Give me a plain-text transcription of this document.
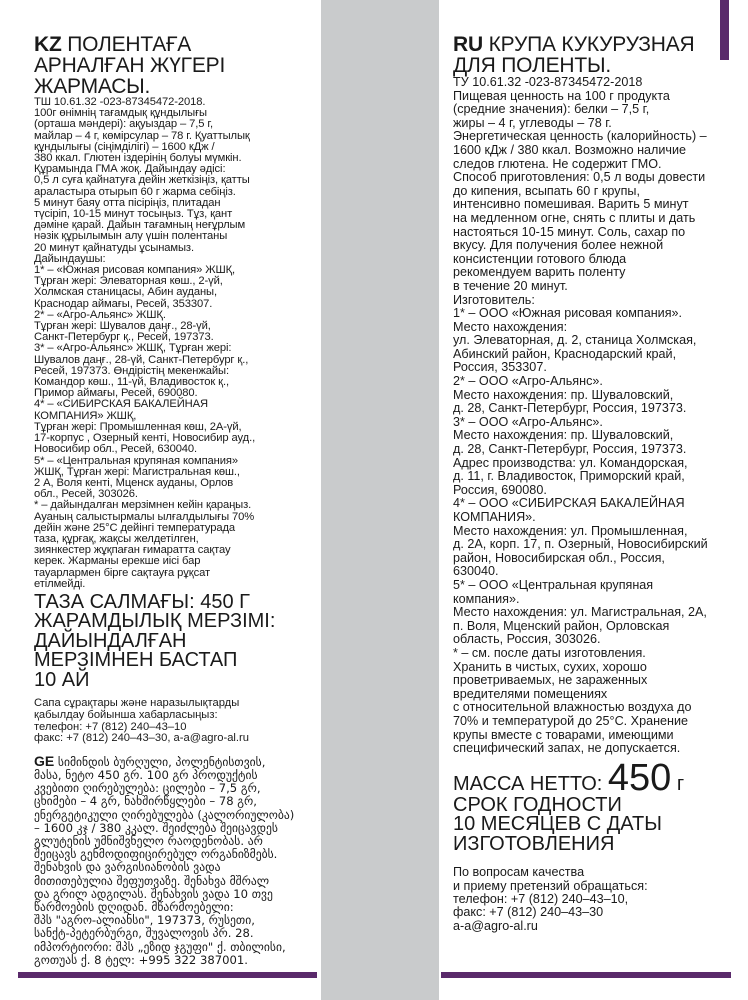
KZ ПОЛЕНТАҒА
АРНАЛҒАН ЖҮГЕРІ
ЖАРМАСЫ.
ТШ 10.61.32 -023-87345472-2018.
100г өнімнің тағамдық құндылығы
(орташа мәндері): ақуыздар – 7,5 г,
майлар – 4 г, көмірсулар – 78 г. Қуаттылық
құндылығы (сіңімділігі) – 1600 кДж /
380 ккал. Глютен іздерінің болуы мүмкін.
Құрамында ГМА жоқ. Дайындау әдісі:
0,5 л суға қайнатуға дейін жеткізіңіз, қатты
араластыра отырып 60 г жарма себіңіз.
5 минут баяу отта пісіріңіз, плитадан
түсіріп, 10-15 минут тосыңыз. Тұз, қант
дәмiне қарай. Дайын тағамның неғұрлым
нәзік құрылымын алу үшін полентаны
20 минут қайнатуды ұсынамыз.
Дайындаушы:
1* – «Южная рисовая компания» ЖШҚ,
Тұрған жері: Элеваторная көш., 2-үй,
Холмская станицасы, Абин ауданы,
Краснодар аймағы, Ресей, 353307.
2* – «Агро-Альянс» ЖШҚ.
Тұрған жері: Шувалов даңғ., 28-үй,
Санкт-Петербург қ., Ресей, 197373.
3* – «Агро-Альянс» ЖШҚ, Тұрған жері:
Шувалов даңғ., 28-үй, Санкт-Петербург қ.,
Ресей, 197373. Өндірістің мекенжайы:
Командор көш., 11-үй, Владивосток қ.,
Примор аймағы, Ресей, 690080.
4* – «СИБИРСКАЯ БАКАЛЕЙНАЯ
КОМПАНИЯ» ЖШҚ,
Тұрған жері: Промышленная көш, 2А-үй,
17-корпус , Озерный кенті, Новосибир ауд.,
Новосибир обл., Ресей, 630040.
5* – «Центральная крупяная компания»
ЖШҚ, Тұрған жері: Магистральная көш.,
2 А, Воля кенті, Мценск ауданы, Орлов
обл., Ресей, 303026.
* – дайындалған мерзімнен кейін қараңыз.
Ауаның салыстырмалы ылғалдылығы 70%
дейін және 25°С дейінгі температурада
таза, құрғақ, жақсы желдетілген,
зиянкестер жұқпаған ғимаратта сақтау
керек. Жарманы ерекше иісі бар
тауарлармен бірге сақтауға рұқсат
етілмейді.
ТАЗА САЛМАҒЫ: 450 Г
ЖАРАМДЫЛЫҚ МЕРЗІМІ:
ДАЙЫНДАЛҒАН
МЕРЗІМНЕН БАСТАП
10 АЙ
Сапа сұрақтары және наразылықтарды
қабылдау бойынша хабарласыңыз:
телефон: +7 (812) 240–43–10
факс: +7 (812) 240–43–30, a-a@agro-al.ru
GE სიმინდის ბურღული, პოლენტისთვის,
მასა, ნეტო 450 გრ. 100 გრ პროდუქტის
კვებითი ღირებულება: ცილები – 7,5 გრ,
ცხიმები – 4 გრ, ნახშირწყლები – 78 გრ,
ენერგეტიკული ღირებულება (კალორიულობა)
– 1600 კჯ / 380 კკალ. შეიძლება შეიცავდეს
გლუტენის უმნიშვნელო რაოდენობას. არ
შეიცავს გენმოდიფიცირებულ ორგანიზმებს.
შენახვის და ვარგისიანობის ვადა
მითითებულია შეფუთვაზე. შენახვა მშრალ
და გრილ ადგილას. შენახვის ვადა 10 თვე
წარმოების დღიდან. მწარმოებელი:
შპს "აგრო-ალიანსი", 197373, რუსეთი,
სანქტ-პეტერბურგი, შუვალოვის პრ. 28.
იმპორტიორი: შპს „ეზიდ ჯგუფი" ქ. თბილისი,
გოთუას ქ. 8 ტელ: +995 322 387001.
RU КРУПА КУКУРУЗНАЯ
ДЛЯ ПОЛЕНТЫ.
ТУ 10.61.32 -023-87345472-2018
Пищевая ценность на 100 г продукта
(средние значения): белки – 7,5 г,
жиры – 4 г, углеводы – 78 г.
Энергетическая ценность (калорийность) –
1600 кДж / 380 ккал. Возможно наличие
следов глютена. Не содержит ГМО.
Способ приготовления: 0,5 л воды довести
до кипения, всыпать 60 г крупы,
интенсивно помешивая. Варить 5 минут
на медленном огне, снять с плиты и дать
настояться 10-15 минут. Соль, сахар по
вкусу. Для получения более нежной
консистенции готового блюда
рекомендуем варить поленту
в течение 20 минут.
Изготовитель:
1* – ООО «Южная рисовая компания».
Место нахождения:
ул. Элеваторная, д. 2, станица Холмская,
Абинский район, Краснодарский край,
Россия, 353307.
2* – ООО «Агро-Альянс».
Место нахождения: пр. Шуваловский,
д. 28, Санкт-Петербург, Россия, 197373.
3* – ООО «Агро-Альянс».
Место нахождения: пр. Шуваловский,
д. 28, Санкт-Петербург, Россия, 197373.
Адрес производства: ул. Командорская,
д. 11, г. Владивосток, Приморский край,
Россия, 690080.
4* – ООО «СИБИРСКАЯ БАКАЛЕЙНАЯ
КОМПАНИЯ».
Место нахождения: ул. Промышленная,
д. 2А, корп. 17, п. Озерный, Новосибирский
район, Новосибирская обл., Россия,
630040.
5* – ООО «Центральная крупяная
компания».
Место нахождения: ул. Магистральная, 2А,
п. Воля, Мценский район, Орловская
область, Россия, 303026.
* – см. после даты изготовления.
Хранить в чистых, сухих, хорошо
проветриваемых, не зараженных
вредителями помещениях
с относительной влажностью воздуха до
70% и температурой до 25°С. Хранение
крупы вместе с товарами, имеющими
специфический запах, не допускается.
МАССА НЕТТО: 450 г
СРОК ГОДНОСТИ
10 МЕСЯЦЕВ С ДАТЫ
ИЗГОТОВЛЕНИЯ
По вопросам качества
и приему претензий обращаться:
телефон: +7 (812) 240–43–10,
факс: +7 (812) 240–43–30
a-a@agro-al.ru
